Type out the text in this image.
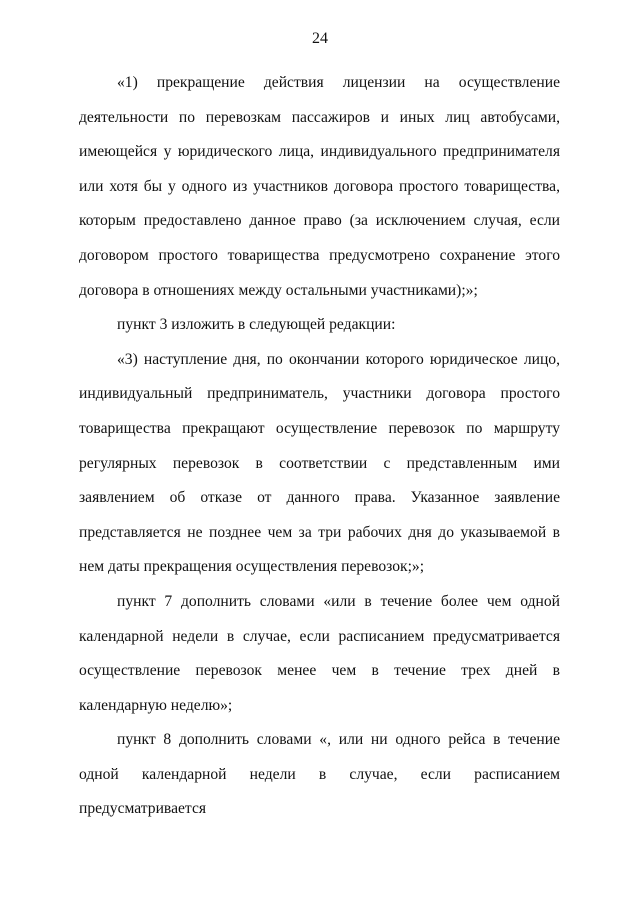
24

«1) прекращение действия лицензии на осуществление деятельности по перевозкам пассажиров и иных лиц автобусами, имеющейся у юридического лица, индивидуального предпринимателя или хотя бы у одного из участников договора простого товарищества, которым предоставлено данное право (за исключением случая, если договором простого товарищества предусмотрено сохранение этого договора в отношениях между остальными участниками);»;

пункт 3 изложить в следующей редакции:

«3) наступление дня, по окончании которого юридическое лицо, индивидуальный предприниматель, участники договора простого товарищества прекращают осуществление перевозок по маршруту регулярных перевозок в соответствии с представленным ими заявлением об отказе от данного права. Указанное заявление представляется не позднее чем за три рабочих дня до указываемой в нем даты прекращения осуществления перевозок;»;

пункт 7 дополнить словами «или в течение более чем одной календарной недели в случае, если расписанием предусматривается осуществление перевозок менее чем в течение трех дней в календарную неделю»;

пункт 8 дополнить словами «, или ни одного рейса в течение одной календарной недели в случае, если расписанием предусматривается
